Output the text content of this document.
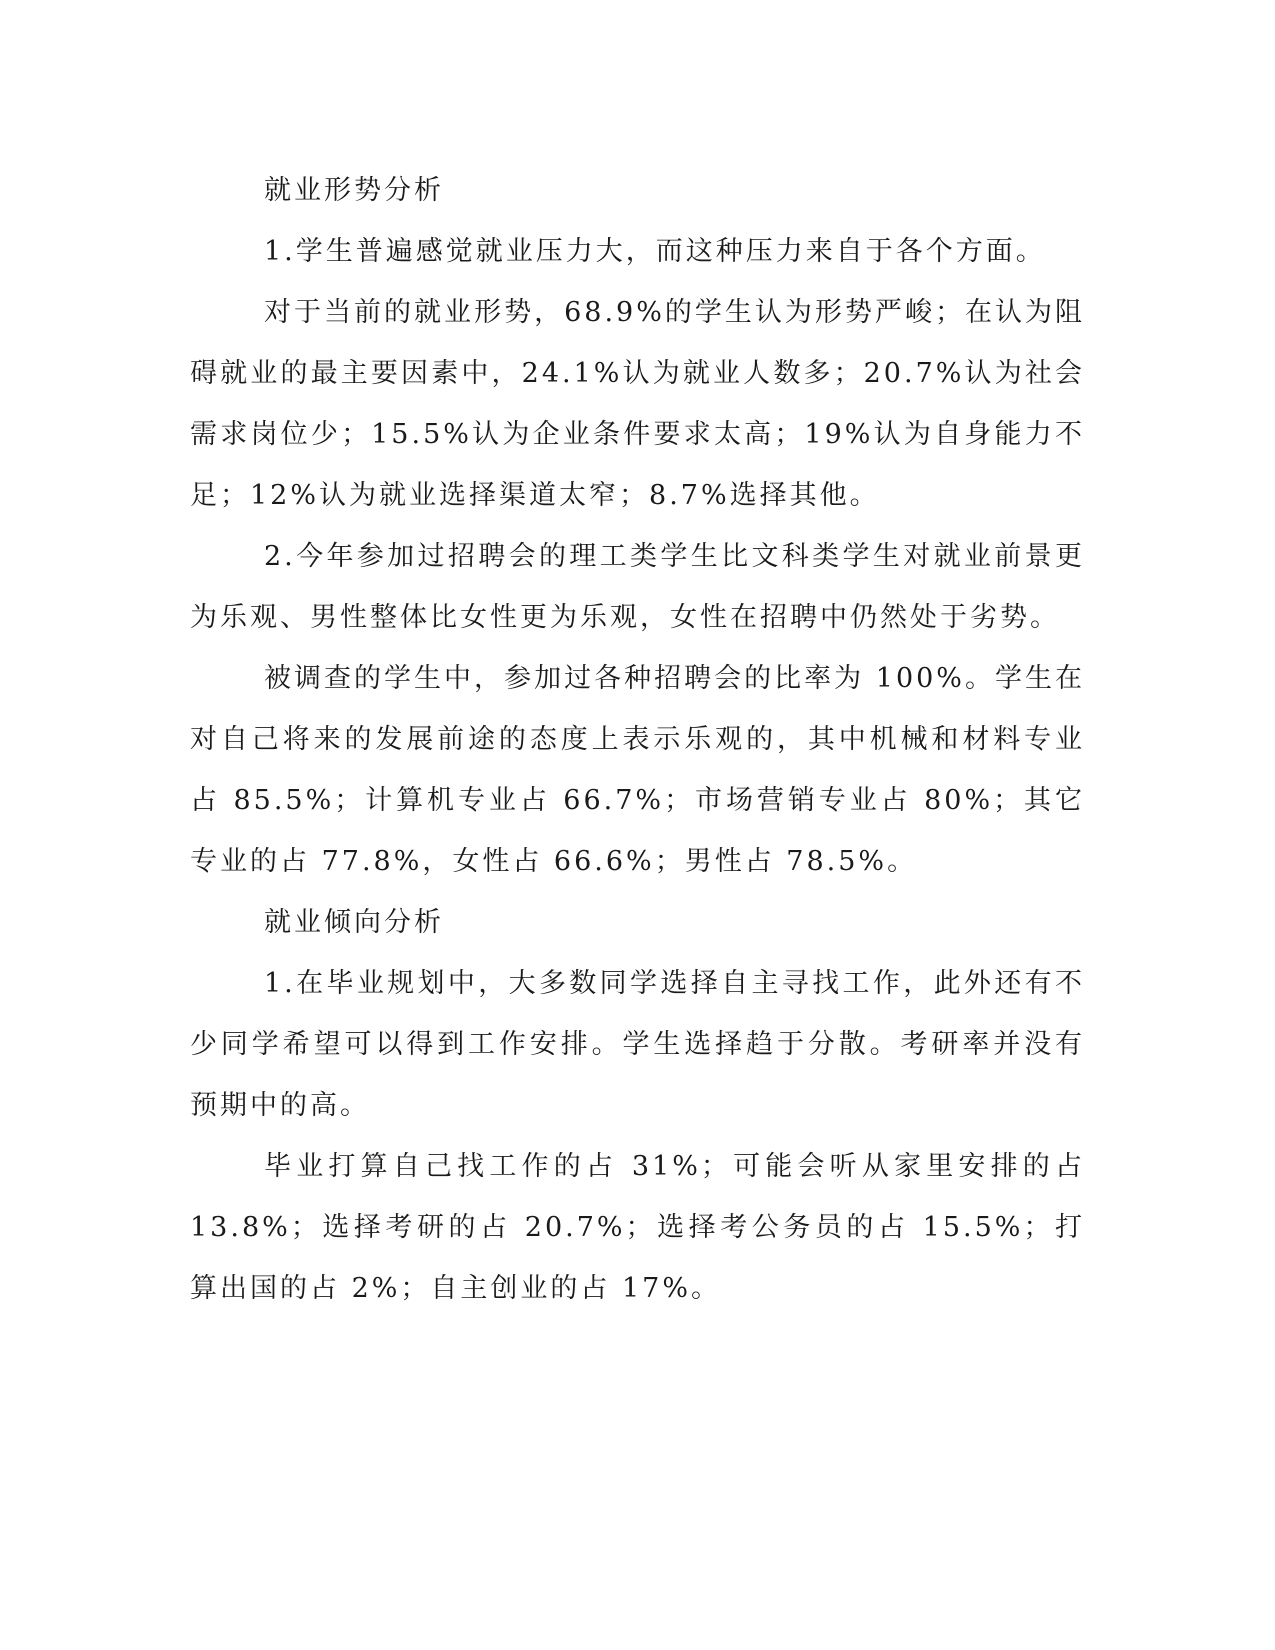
就业形势分析

1.学生普遍感觉就业压力大，而这种压力来自于各个方面。

对于当前的就业形势，68.9%的学生认为形势严峻；在认为阻碍就业的最主要因素中，24.1%认为就业人数多；20.7%认为社会需求岗位少；15.5%认为企业条件要求太高；19%认为自身能力不足；12%认为就业选择渠道太窄；8.7%选择其他。

2.今年参加过招聘会的理工类学生比文科类学生对就业前景更为乐观、男性整体比女性更为乐观，女性在招聘中仍然处于劣势。

被调查的学生中，参加过各种招聘会的比率为 100%。学生在对自己将来的发展前途的态度上表示乐观的，其中机械和材料专业占 85.5%；计算机专业占 66.7%；市场营销专业占 80%；其它专业的占 77.8%，女性占 66.6%；男性占 78.5%。

就业倾向分析

1.在毕业规划中，大多数同学选择自主寻找工作，此外还有不少同学希望可以得到工作安排。学生选择趋于分散。考研率并没有预期中的高。

毕业打算自己找工作的占 31%；可能会听从家里安排的占 13.8%；选择考研的占 20.7%；选择考公务员的占 15.5%；打算出国的占 2%；自主创业的占 17%。
